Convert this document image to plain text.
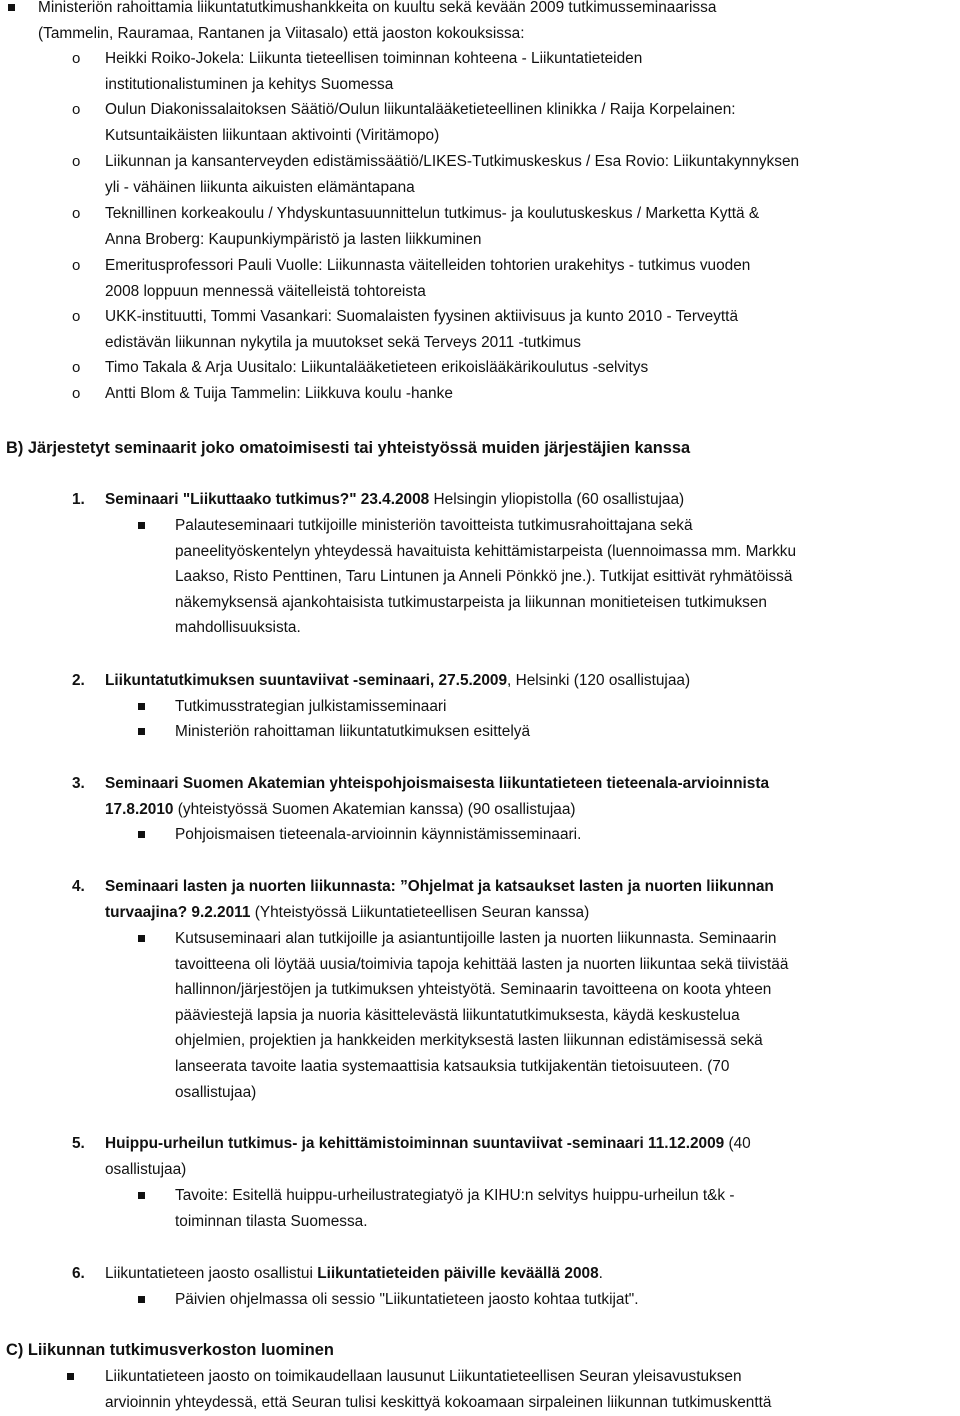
Ministeriön rahoittamia liikuntatutkimushankkeita on kuultu sekä kevään 2009 tutkimusseminaarissa
(Tammelin, Rauramaa, Rantanen ja Viitasalo) että jaoston kokouksissa:
o Heikki Roiko-Jokela: Liikunta tieteellisen toiminnan kohteena - Liikuntatieteiden
institutionalistuminen ja kehitys Suomessa
o Oulun Diakonissalaitoksen Säätiö/Oulun liikuntalääketieteellinen klinikka / Raija Korpelainen:
Kutsuntaikäisten liikuntaan aktivointi (Viritämopo)
o Liikunnan ja kansanterveyden edistämissäätiö/LIKES-Tutkimuskeskus / Esa Rovio: Liikuntakynnyksen
yli - vähäinen liikunta aikuisten elämäntapana
o Teknillinen korkeakoulu / Yhdyskuntasuunnittelun tutkimus- ja koulutuskeskus / Marketta Kyttä &
Anna Broberg: Kaupunkiympäristö ja lasten liikkuminen
o Emeritusprofessori Pauli Vuolle: Liikunnasta väitelleiden tohtorien urakehitys - tutkimus vuoden
2008 loppuun mennessä väitelleistä tohtoreista
o UKK-instituutti, Tommi Vasankari: Suomalaisten fyysinen aktiivisuus ja kunto 2010 - Terveyttä
edistävän liikunnan nykytila ja muutokset sekä Terveys 2011 -tutkimus
o Timo Takala & Arja Uusitalo: Liikuntalääketieteen erikoislääkärikoulutus -selvitys
o Antti Blom & Tuija Tammelin: Liikkuva koulu -hanke
B) Järjestetyt seminaarit joko omatoimisesti tai yhteistyössä muiden järjestäjien kanssa
1. Seminaari "Liikuttaako tutkimus?" 23.4.2008 Helsingin yliopistolla (60 osallistujaa)
Palauteseminaari tutkijoille ministeriön tavoitteista tutkimusrahoittajana sekä
paneelityöskentelyn yhteydessä havaituista kehittämistarpeista (luennoimassa mm. Markku
Laakso, Risto Penttinen, Taru Lintunen ja Anneli Pönkkö jne.). Tutkijat esittivät ryhmätöissä
näkemyksensä ajankohtaisista tutkimustarpeista ja liikunnan monitieteisen tutkimuksen
mahdollisuuksista.
2. Liikuntatutkimuksen suuntaviivat -seminaari, 27.5.2009, Helsinki (120 osallistujaa)
Tutkimusstrategian julkistamisseminaari
Ministeriön rahoittaman liikuntatutkimuksen esittelyä
3. Seminaari Suomen Akatemian yhteispohjoismaisesta liikuntatieteen tieteenala-arvioinnista
17.8.2010 (yhteistyössä Suomen Akatemian kanssa) (90 osallistujaa)
Pohjoismaisen tieteenala-arvioinnin käynnistämisseminaari.
4. Seminaari lasten ja nuorten liikunnasta: ”Ohjelmat ja katsaukset lasten ja nuorten liikunnan
turvaajina? 9.2.2011 (Yhteistyössä Liikuntatieteellisen Seuran kanssa)
Kutsuseminaari alan tutkijoille ja asiantuntijoille lasten ja nuorten liikunnasta. Seminaarin
tavoitteena oli löytää uusia/toimivia tapoja kehittää lasten ja nuorten liikuntaa sekä tiivistää
hallinnon/järjestöjen ja tutkimuksen yhteistyötä. Seminaarin tavoitteena on koota yhteen
pääviestejä lapsia ja nuoria käsittelevästä liikuntatutkimuksesta, käydä keskustelua
ohjelmien, projektien ja hankkeiden merkityksestä lasten liikunnan edistämisessä sekä
lanseerata tavoite laatia systemaattisia katsauksia tutkijakentän tietoisuuteen. (70
osallistujaa)
5. Huippu-urheilun tutkimus- ja kehittämistoiminnan suuntaviivat -seminaari 11.12.2009 (40
osallistujaa)
Tavoite: Esitellä huippu-urheilustrategiatyö ja KIHU:n selvitys huippu-urheilun t&k -
toiminnan tilasta Suomessa.
6. Liikuntatieteen jaosto osallistui Liikuntatieteiden päiville keväällä 2008.
Päivien ohjelmassa oli sessio "Liikuntatieteen jaosto kohtaa tutkijat".
C) Liikunnan tutkimusverkoston luominen
Liikuntatieteen jaosto on toimikaudellaan lausunut Liikuntatieteellisen Seuran yleisavustuksen
arvioinnin yhteydessä, että Seuran tulisi keskittyä kokoamaan sirpaleinen liikunnan tutkimuskenttä
